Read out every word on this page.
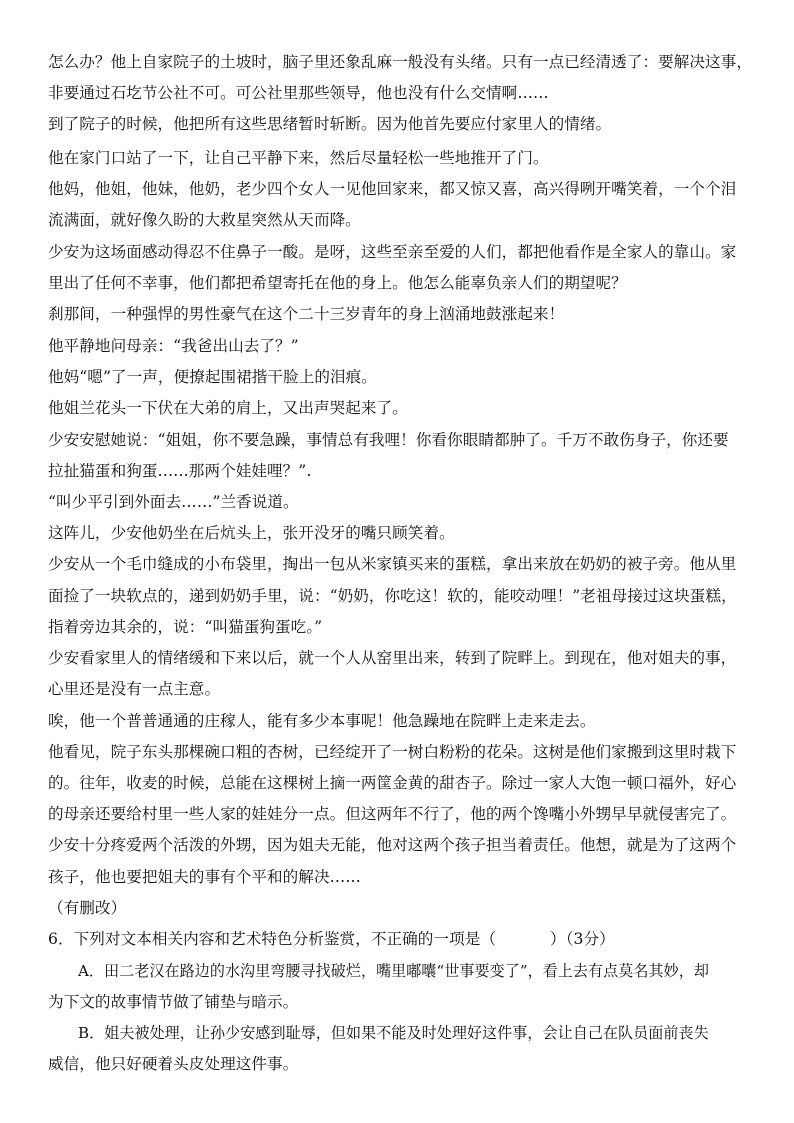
怎么办？他上自家院子的土坡时，脑子里还象乱麻一般没有头绪。只有一点已经清透了：要解决这事，
非要通过石圪节公社不可。可公社里那些领导，他也没有什么交情啊……
到了院子的时候，他把所有这些思绪暂时斩断。因为他首先要应付家里人的情绪。
他在家门口站了一下，让自己平静下来，然后尽量轻松一些地推开了门。
他妈，他姐，他妹，他奶，老少四个女人一见他回家来，都又惊又喜，高兴得咧开嘴笑着，一个个泪
流满面，就好像久盼的大救星突然从天而降。
少安为这场面感动得忍不住鼻子一酸。是呀，这些至亲至爱的人们，都把他看作是全家人的靠山。家
里出了任何不幸事，他们都把希望寄托在他的身上。他怎么能辜负亲人们的期望呢？
刹那间，一种强悍的男性豪气在这个二十三岁青年的身上汹涌地鼓涨起来！
他平静地问母亲：“我爸出山去了？”
他妈“嗯”了一声，便撩起围裙揩干脸上的泪痕。
他姐兰花头一下伏在大弟的肩上，又出声哭起来了。
少安安慰她说：“姐姐，你不要急躁，事情总有我哩！你看你眼睛都肿了。千万不敢伤身子，你还要
拉扯猫蛋和狗蛋……那两个娃娃哩？”.
“叫少平引到外面去……”兰香说道。
这阵儿，少安他奶坐在后炕头上，张开没牙的嘴只顾笑着。
少安从一个毛巾缝成的小布袋里，掏出一包从米家镇买来的蛋糕，拿出来放在奶奶的被子旁。他从里
面捡了一块软点的，递到奶奶手里，说：“奶奶，你吃这！软的，能咬动哩！”老祖母接过这块蛋糕，
指着旁边其余的，说：“叫猫蛋狗蛋吃。”
少安看家里人的情绪缓和下来以后，就一个人从窑里出来，转到了院畔上。到现在，他对姐夫的事，
心里还是没有一点主意。
唉，他一个普普通通的庄稼人，能有多少本事呢！他急躁地在院畔上走来走去。
他看见，院子东头那棵碗口粗的杏树，已经绽开了一树白粉粉的花朵。这树是他们家搬到这里时栽下
的。往年，收麦的时候，总能在这棵树上摘一两筐金黄的甜杏子。除过一家人大饱一顿口福外，好心
的母亲还要给村里一些人家的娃娃分一点。但这两年不行了，他的两个馋嘴小外甥早早就侵害完了。
少安十分疼爱两个活泼的外甥，因为姐夫无能，他对这两个孩子担当着责任。他想，就是为了这两个
孩子，他也要把姐夫的事有个平和的解决……
（有删改）
6．下列对文本相关内容和艺术特色分析鉴赏，不正确的一项是（	）（3分）
A．田二老汉在路边的水沟里弯腰寻找破烂，嘴里嘟囔“世事要变了”，看上去有点莫名其妙，却
为下文的故事情节做了铺垫与暗示。
B．姐夫被处理，让孙少安感到耻辱，但如果不能及时处理好这件事，会让自己在队员面前丧失
威信，他只好硬着头皮处理这件事。
